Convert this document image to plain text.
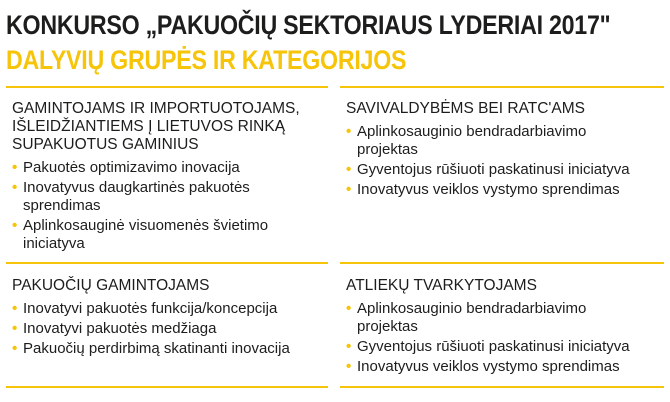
KONKURSO „PAKUOČIŲ SEKTORIAUS LYDERIAI 2017"
DALYVIŲ GRUPĖS IR KATEGORIJOS
GAMINTOJAMS IR IMPORTUOTOJAMS,
IŠLEIDŽIANTIEMS Į LIETUVOS RINKĄ
SUPAKUOTUS GAMINIUS
• Pakuotės optimizavimo inovacija
• Inovatyvus daugkartinės pakuotės
sprendimas
• Aplinkosauginė visuomenės švietimo
iniciatyva
SAVIVALDYBĖMS BEI RATC'AMS
• Aplinkosauginio bendradarbiavimo
projektas
• Gyventojus rūšiuoti paskatinusi iniciatyva
• Inovatyvus veiklos vystymo sprendimas
PAKUOČIŲ GAMINTOJAMS
• Inovatyvi pakuotės funkcija/koncepcija
• Inovatyvi pakuotės medžiaga
• Pakuočių perdirbimą skatinanti inovacija
ATLIEKŲ TVARKYTOJAMS
• Aplinkosauginio bendradarbiavimo
projektas
• Gyventojus rūšiuoti paskatinusi iniciatyva
• Inovatyvus veiklos vystymo sprendimas
